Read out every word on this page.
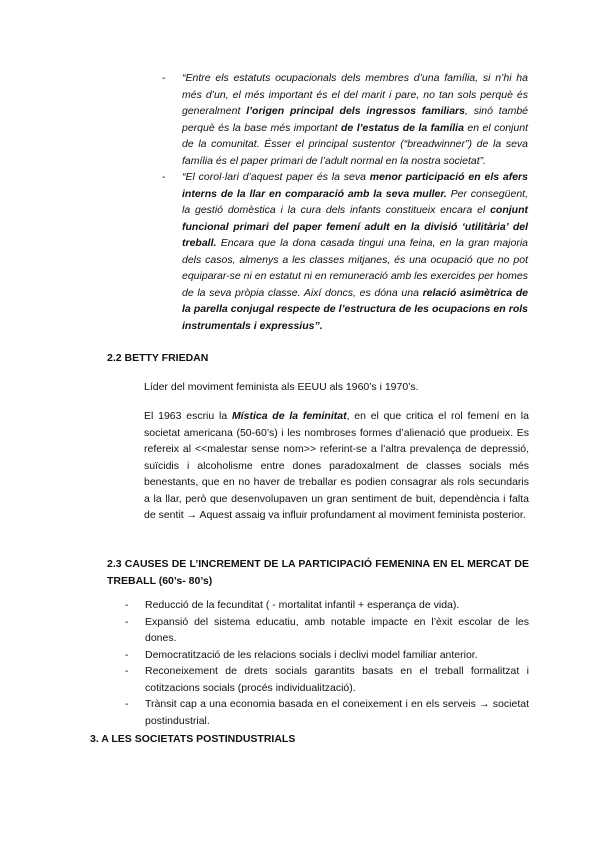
- “Entre els estatuts ocupacionals dels membres d’una família, si n’hi ha més d’un, el més important és el del marit i pare, no tan sols perquè és generalment l’origen principal dels ingressos familiars, sinó també perquè és la base més important de l’estatus de la família en el conjunt de la comunitat. Ésser el principal sustentor (“breadwinner”) de la seva família és el paper primari de l’adult normal en la nostra societat”.
- “El corol·lari d’aquest paper és la seva menor participació en els afers interns de la llar en comparació amb la seva muller. Per consegüent, la gestió domèstica i la cura dels infants constitueix encara el conjunt funcional primari del paper femení adult en la divisió ‘utilitària’ del treball. Encara que la dona casada tingui una feina, en la gran majoria dels casos, almenys a les classes mitjanes, és una ocupació que no pot equiparar-se ni en estatut ni en remuneració amb les exercides per homes de la seva pròpia classe. Així doncs, es dóna una relació asimètrica de la parella conjugal respecte de l’estructura de les ocupacions en rols instrumentals i expressius”.
2.2 BETTY FRIEDAN
Líder del moviment feminista als EEUU als 1960’s i 1970’s.
El 1963 escriu la Mística de la feminitat, en el que critica el rol femení en la societat americana (50-60’s) i les nombroses formes d’alienació que produeix. Es refereix al <<malestar sense nom>> referint-se a l’altra prevalença de depressió, suïcidis i alcoholisme entre dones paradoxalment de classes socials més benestants, que en no haver de treballar es podien consagrar als rols secundaris a la llar, però que desenvolupaven un gran sentiment de buit, dependència i falta de sentit → Aquest assaig va influir profundament al moviment feminista posterior.
2.3 CAUSES DE L’INCREMENT DE LA PARTICIPACIÓ FEMENINA EN EL MERCAT DE TREBALL (60’s- 80’s)
- Reducció de la fecunditat ( - mortalitat infantil + esperança de vida).
- Expansió del sistema educatiu, amb notable impacte en l’èxit escolar de les dones.
- Democratització de les relacions socials i declivi model familiar anterior.
- Reconeixement de drets socials garantits basats en el treball formalitzat i cotitzacions socials (procés individualització).
- Trànsit cap a una economia basada en el coneixement i en els serveis → societat postindustrial.
3. A LES SOCIETATS POSTINDUSTRIALS
